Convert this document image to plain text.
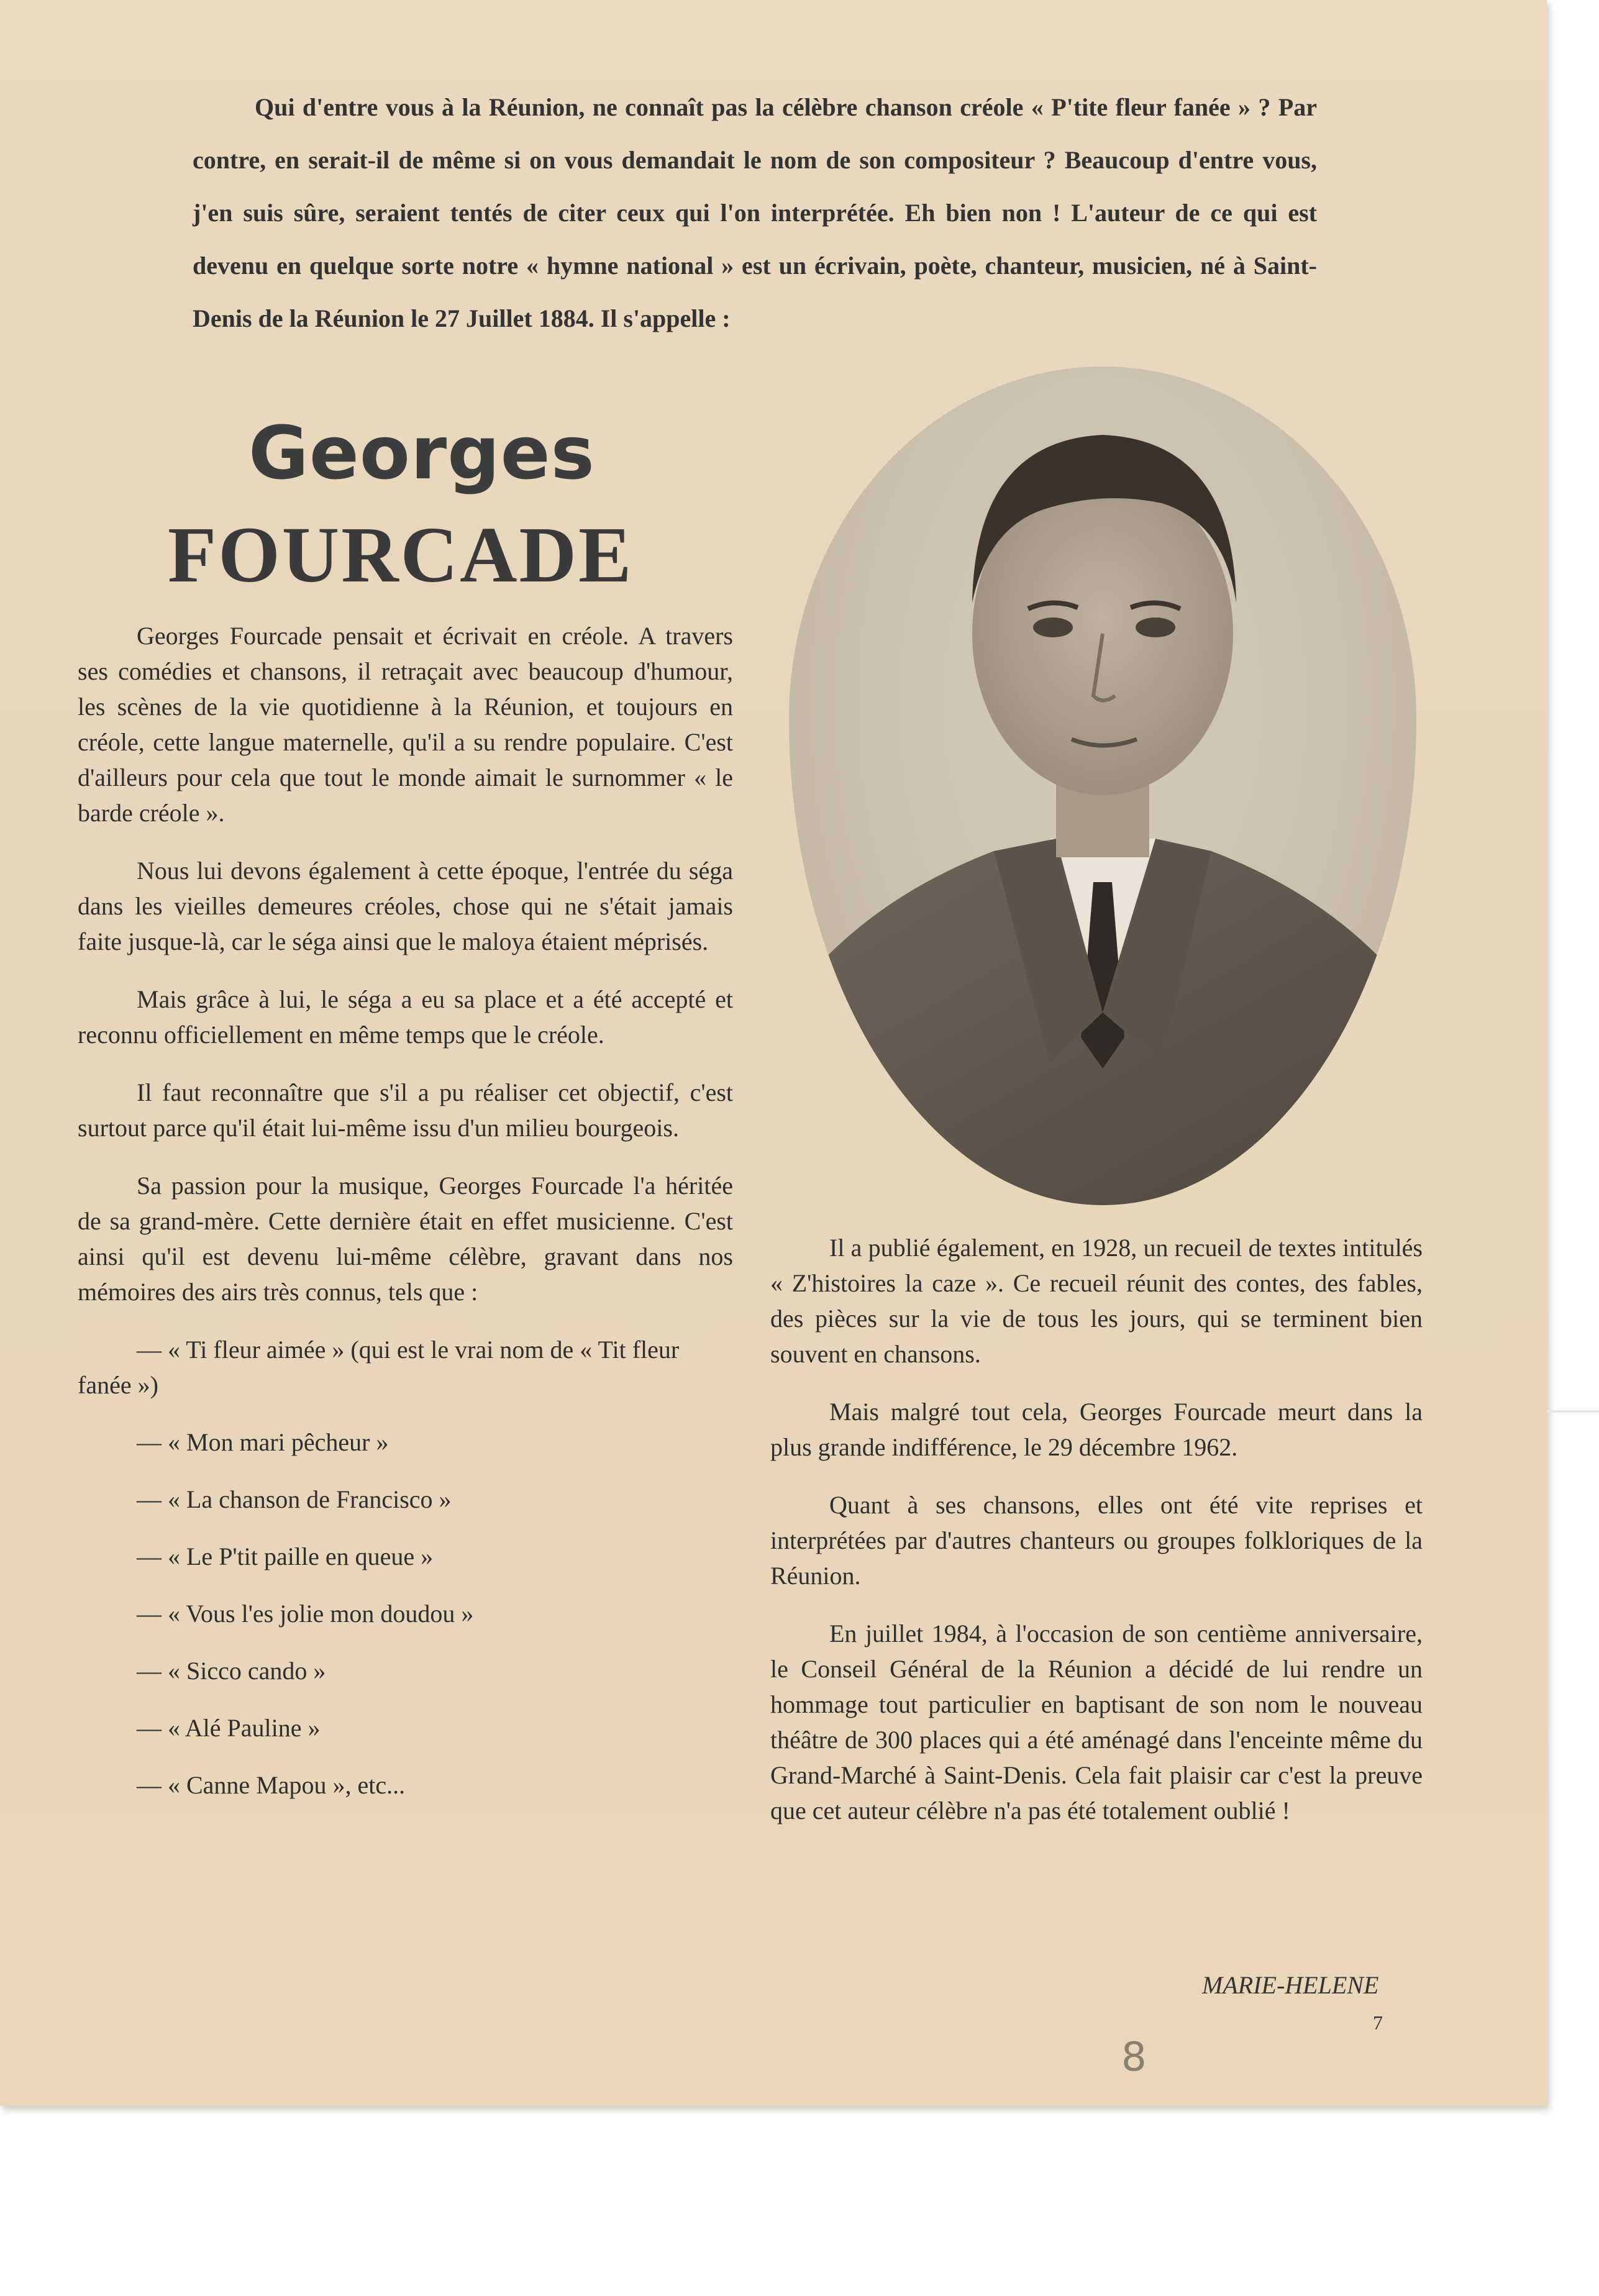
Qui d'entre vous à la Réunion, ne connaît pas la célèbre chanson créole « P'tite fleur fanée » ? Par contre, en serait-il de même si on vous demandait le nom de son compositeur ? Beaucoup d'entre vous, j'en suis sûre, seraient tentés de citer ceux qui l'on interprétée. Eh bien non ! L'auteur de ce qui est devenu en quelque sorte notre « hymne national » est un écrivain, poète, chanteur, musicien, né à Saint-Denis de la Réunion le 27 Juillet 1884. Il s'appelle :

Georges
FOURCADE

Georges Fourcade pensait et écrivait en créole. A travers ses comédies et chansons, il retraçait avec beaucoup d'humour, les scènes de la vie quotidienne à la Réunion, et toujours en créole, cette langue maternelle, qu'il a su rendre populaire. C'est d'ailleurs pour cela que tout le monde aimait le surnommer « le barde créole ».

Nous lui devons également à cette époque, l'entrée du séga dans les vieilles demeures créoles, chose qui ne s'était jamais faite jusque-là, car le séga ainsi que le maloya étaient méprisés.

Mais grâce à lui, le séga a eu sa place et a été accepté et reconnu officiellement en même temps que le créole.

Il faut reconnaître que s'il a pu réaliser cet objectif, c'est surtout parce qu'il était lui-même issu d'un milieu bourgeois.

Sa passion pour la musique, Georges Fourcade l'a héritée de sa grand-mère. Cette dernière était en effet musicienne. C'est ainsi qu'il est devenu lui-même célèbre, gravant dans nos mémoires des airs très connus, tels que :

— « Ti fleur aimée » (qui est le vrai nom de « Tit fleur fanée »)
— « Mon mari pêcheur »
— « La chanson de Francisco »
— « Le P'tit paille en queue »
— « Vous l'es jolie mon doudou »
— « Sicco cando »
— « Alé Pauline »
— « Canne Mapou », etc...

Il a publié également, en 1928, un recueil de textes intitulés « Z'histoires la caze ». Ce recueil réunit des contes, des fables, des pièces sur la vie de tous les jours, qui se terminent bien souvent en chansons.

Mais malgré tout cela, Georges Fourcade meurt dans la plus grande indifférence, le 29 décembre 1962.

Quant à ses chansons, elles ont été vite reprises et interprétées par d'autres chanteurs ou groupes folkloriques de la Réunion.

En juillet 1984, à l'occasion de son centième anniversaire, le Conseil Général de la Réunion a décidé de lui rendre un hommage tout particulier en baptisant de son nom le nouveau théâtre de 300 places qui a été aménagé dans l'enceinte même du Grand-Marché à Saint-Denis. Cela fait plaisir car c'est la preuve que cet auteur célèbre n'a pas été totalement oublié !

MARIE-HELENE

7

8
